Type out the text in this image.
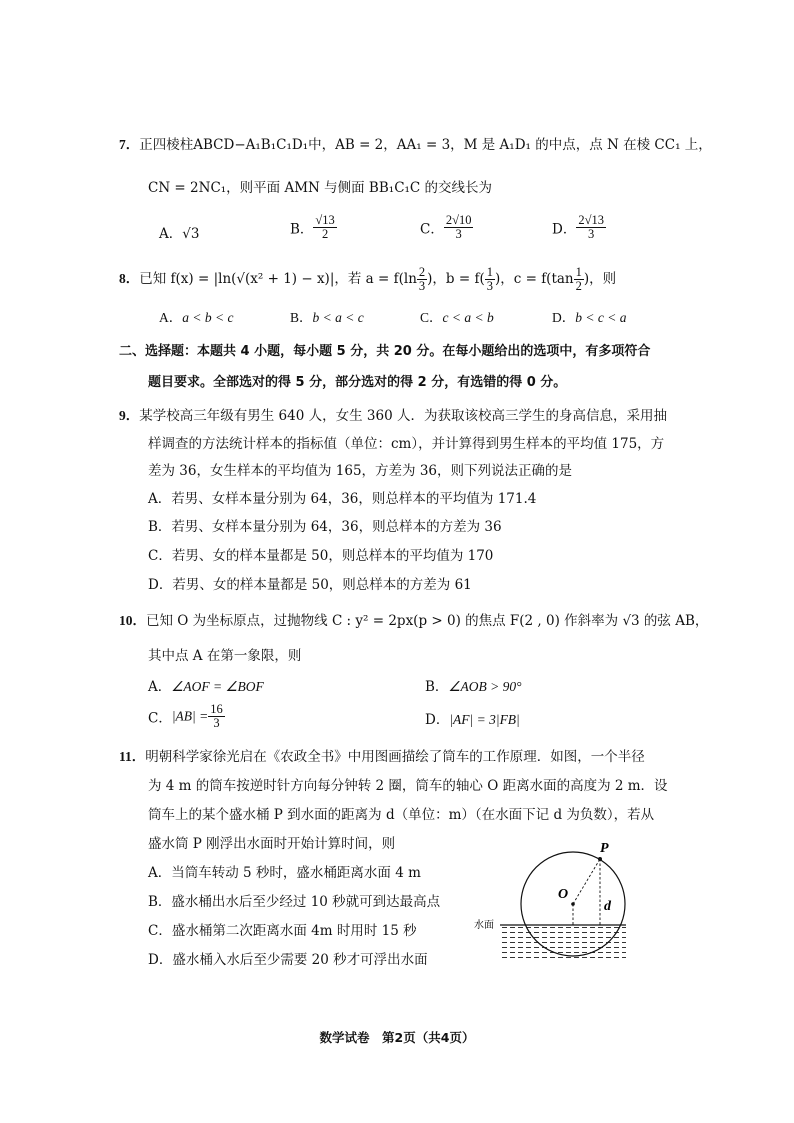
7．正四棱柱ABCD−A₁B₁C₁D₁中，AB = 2，AA₁ = 3，M 是 A₁D₁ 的中点，点 N 在棱 CC₁ 上，
CN = 2NC₁，则平面 AMN 与侧面 BB₁C₁C 的交线长为
A．√3	B． $\frac{√13}{2}$	C． $\frac{2√10}{3}$	D． $\frac{2√13}{3}$
8．已知 f(x) = |ln(√(x² + 1) − x)|，若 $a = f(\ln \frac{2}{3}$ )，$b = f( \frac{1}{3}$ )，$c = f(\tan \frac{1}{2}$ )，则
A．a < b < c	B．b < a < c	C．c < a < b	D．b < c < a
二、选择题：本题共 4 小题，每小题 5 分，共 20 分。在每小题给出的选项中，有多项符合
题目要求。全部选对的得 5 分，部分选对的得 2 分，有选错的得 0 分。
9．某学校高三年级有男生 640 人，女生 360 人．为获取该校高三学生的身高信息，采用抽
样调查的方法统计样本的指标值（单位：cm），并计算得到男生样本的平均值 175，方
差为 36，女生样本的平均值为 165，方差为 36，则下列说法正确的是
A．若男、女样本量分别为 64，36，则总样本的平均值为 171.4
B．若男、女样本量分别为 64，36，则总样本的方差为 36
C．若男、女的样本量都是 50，则总样本的平均值为 170
D．若男、女的样本量都是 50，则总样本的方差为 61
10．已知 O 为坐标原点，过抛物线 C : y² = 2px(p > 0) 的焦点 F(2 , 0) 作斜率为 √3 的弦 AB，
其中点 A 在第一象限，则
A．∠AOF = ∠BOF	B．∠AOB > 90°
C．$|AB| = \frac{16}{3}$	D．|AF| = 3|FB|
11．明朝科学家徐光启在《农政全书》中用图画描绘了筒车的工作原理．如图，一个半径
为 4 m 的筒车按逆时针方向每分钟转 2 圈，筒车的轴心 O 距离水面的高度为 2 m．设
筒车上的某个盛水桶 P 到水面的距离为 d（单位：m）（在水面下记 d 为负数），若从
盛水筒 P 刚浮出水面时开始计算时间，则
A．当筒车转动 5 秒时，盛水桶距离水面 4 m
B．盛水桶出水后至少经过 10 秒就可到达最高点
C．盛水桶第二次距离水面 4m 时用时 15 秒
D．盛水桶入水后至少需要 20 秒才可浮出水面
P
O
d
水面
数学试卷　第2页（共4页）
